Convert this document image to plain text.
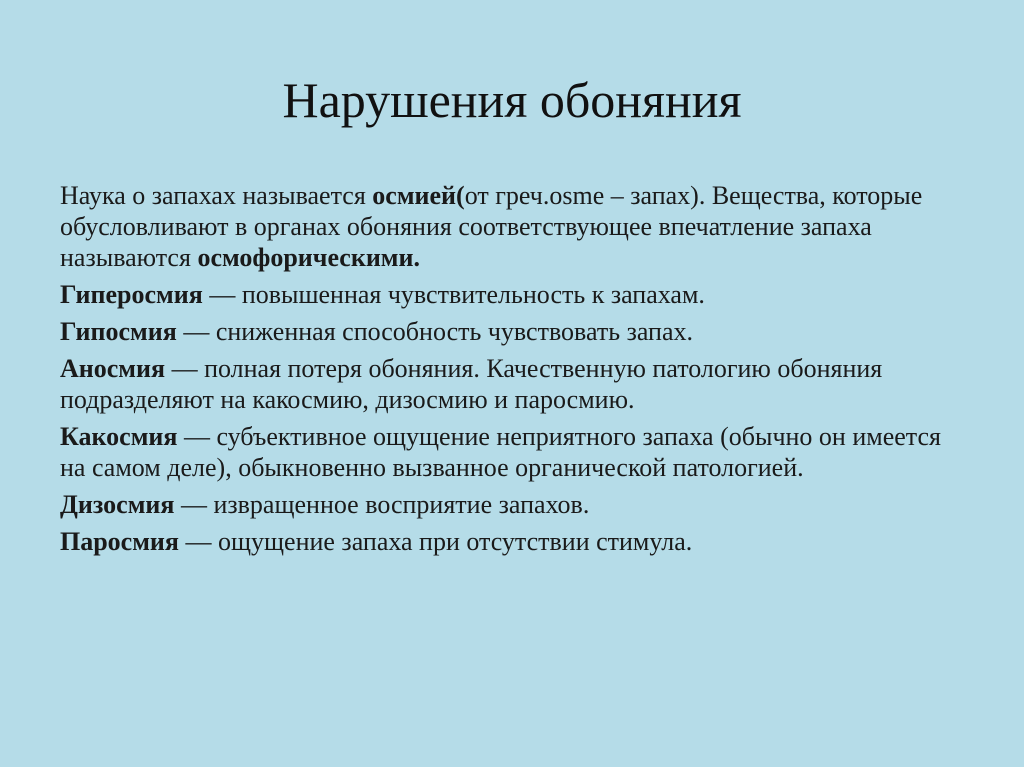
Нарушения обоняния

Наука о запахах называется осмией(от греч.osme – запах). Вещества, которые обусловливают в органах обоняния соответствующее впечатление запаха называются осмофорическими.

Гиперосмия — повышенная чувствительность к запахам.

Гипосмия — сниженная способность чувствовать запах.

Аносмия — полная потеря обоняния. Качественную патологию обоняния подразделяют на какосмию, дизосмию и паросмию.

Какосмия — субъективное ощущение неприятного запаха (обычно он имеется на самом деле), обыкновенно вызванное органической патологией.

Дизосмия — извращенное восприятие запахов.

Паросмия — ощущение запаха при отсутствии стимула.
